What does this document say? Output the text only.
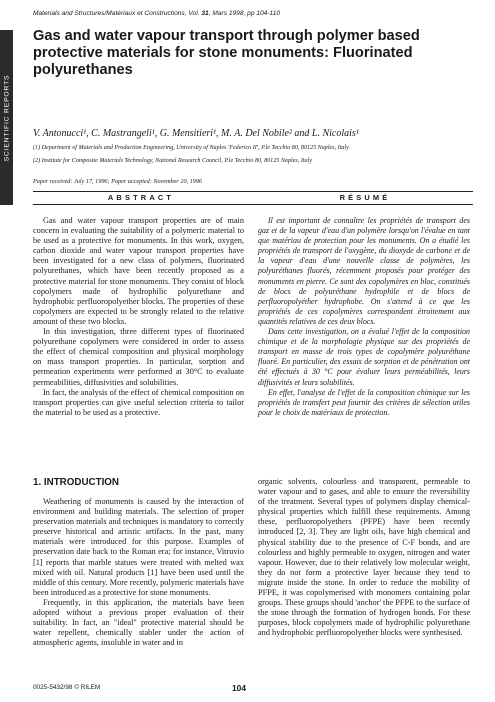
Materials and Structures/Matériaux et Constructions, Vol. 31, Mars 1998, pp 104-110
SCIENTIFIC REPORTS
Gas and water vapour transport through polymer based protective materials for stone monuments: Fluorinated polyurethanes
V. Antonucci¹, C. Mastrangeli¹, G. Mensitieri¹, M. A. Del Nobile² and L. Nicolais¹
(1) Department of Materials and Production Engineering, University of Naples 'Federico II', P.le Tecchio 80, 80125 Naples, Italy
(2) Institute for Composite Materials Technology, National Research Council, P.le Tecchio 80, 80125 Naples, Italy
Paper received: July 17, 1996; Paper accepted: November 20, 1996
ABSTRACT	RÉSUMÉ

Gas and water vapour transport properties are of main concern in evaluating the suitability of a polymeric material to be used as a protective for monuments. In this work, oxygen, carbon dioxide and water vapour transport properties have been investigated for a new class of polymers, fluorinated polyurethanes, which have been recently proposed as a protective material for stone monuments. They consist of block copolymers made of hydrophilic polyurethane and hydrophobic perfluoropolyether blocks. The properties of these copolymers are expected to be strongly related to the relative amount of these two blocks.

In this investigation, three different types of fluorinated polyurethane copolymers were considered in order to assess the effect of chemical composition and physical morphology on mass transport properties. In particular, sorption and permeation experiments were performed at 30°C to evaluate permeabilities, diffusivities and solubilities.

In fact, the analysis of the effect of chemical composition on transport properties can give useful selection criteria to tailor the material to be used as a protective.

Il est important de connaître les propriétés de transport des gaz et de la vapeur d'eau d'un polymère lorsqu'on l'évalue en tant que matériau de protection pour les monuments. On a étudié les propriétés de transport de l'oxygène, du dioxyde de carbone et de la vapeur d'eau d'une nouvelle classe de polymères, les polyuréthanes fluorés, récemment proposés pour protéger des monuments en pierre. Ce sont des copolymères en bloc, constitués de blocs de polyuréthane hydrophile et de blocs de perfluoropolyéther hydrophobe. On s'attend à ce que les propriétés de ces copolymères correspondent étroitement aux quantités relatives de ces deux blocs.

Dans cette investigation, on a évalué l'effet de la composition chimique et de la morphologie physique sur des propriétés de transport en masse de trois types de copolymère polyuréthane fluoré. En particulier, des essais de sorption et de pénétration ont été effectués à 30 °C pour évaluer leurs perméabilités, leurs diffusivités et leurs solubilités.

En effet, l'analyse de l'effet de la composition chimique sur les propriétés de transfert peut fournir des critères de sélection utiles pour le choix de matériaux de protection.

1. INTRODUCTION

Weathering of monuments is caused by the interaction of environment and building materials. The selection of proper preservation materials and techniques is mandatory to correctly preserve historical and artistic artifacts. In the past, many materials were introduced for this purpose. Examples of preservation date back to the Roman era; for instance, Vitruvio [1] reports that marble statues were treated with melted wax mixed with oil. Natural products [1] have been used until the middle of this century. More recently, polymeric materials have been introduced as a protective for stone monuments.

Frequently, in this application, the materials have been adopted without a previous proper evaluation of their suitability. In fact, an "ideal" protective material should be water repellent, chemically stabler under the action of atmospheric agents, insoluble in water and in

organic solvents, colourless and transparent, permeable to water vapour and to gases, and able to ensure the reversibility of the treatment. Several types of polymers display chemical-physical properties which fulfill these requirements. Among these, perfluoropolyethers (PFPE) have been recently introduced [2, 3]. They are light oils, have high chemical and physical stability due to the presence of C-F bonds, and are colourless and highly permeable to oxygen, nitrogen and water vapour. However, due to their relatively low molecular weight, they do not form a protective layer because they tend to migrate inside the stone. In order to reduce the mobility of PFPE, it was copolymerised with monomers containing polar groups. These groups should 'anchor' the PFPE to the surface of the stone through the formation of hydrogen bonds. For these purposes, block copolymers made of hydrophilic polyurethane and hydrophobic perfluoropolyether blocks were synthesised.

0025-5432/98 © RILEM	104
